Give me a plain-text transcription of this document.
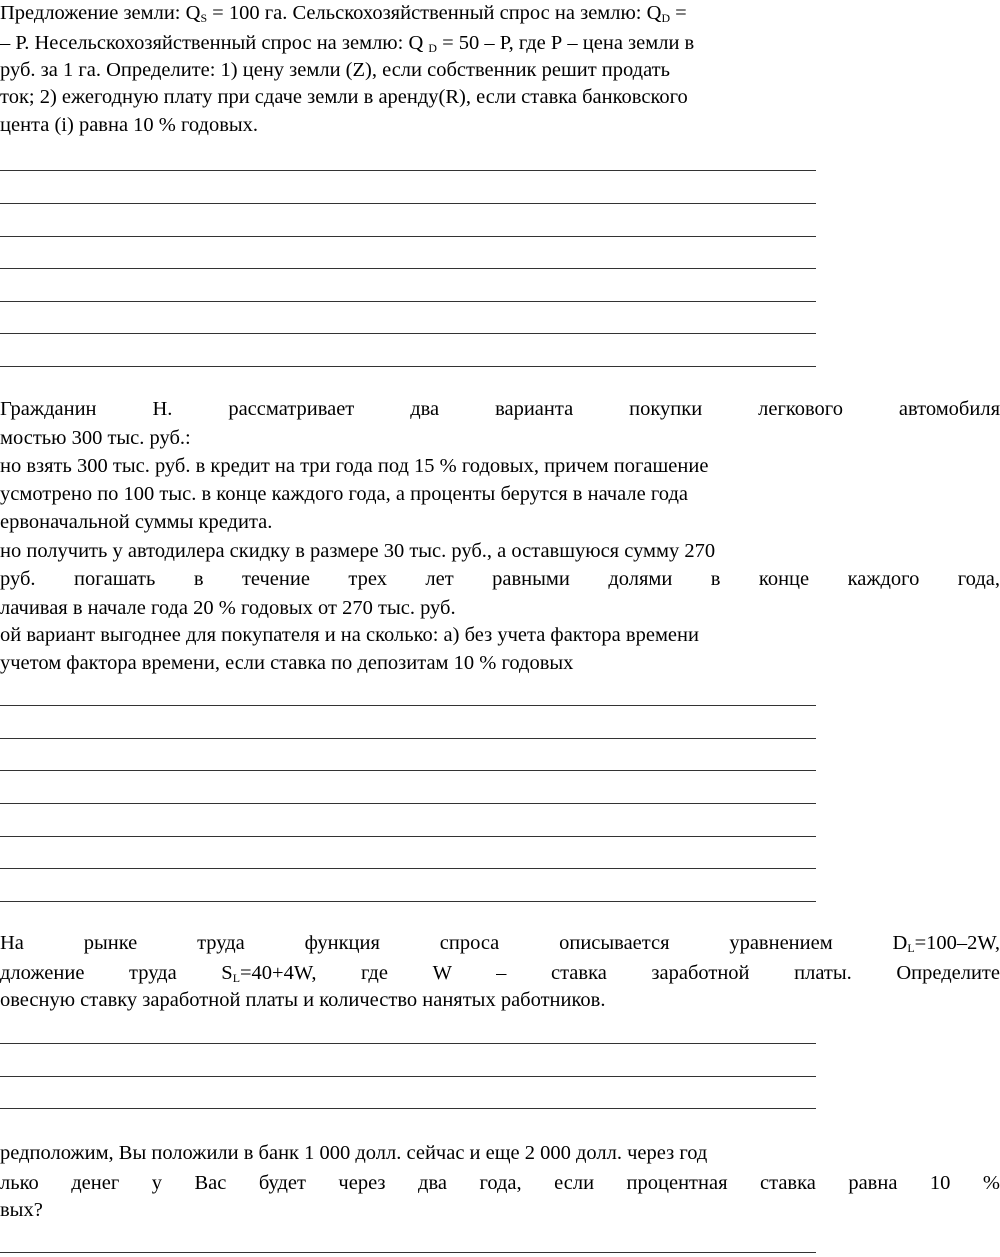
Предложение земли: $Q_S = 100$ га. Сельскохозяйственный спрос на землю: $Q_D$ =
– Р. Несельскохозяйственный спрос на землю: Q $_D$ = 50 – Р, где Р – цена земли в
руб. за 1 га. Определите: 1) цену земли (Z), если собственник решит продать
ток; 2) ежегодную плату при сдаче земли в аренду(R), если ставка банковского
цента (i) равна 10 % годовых.
Гражданин Н. рассматривает два варианта покупки легкового автомобиля
мостью 300 тыс. руб.:
но взять 300 тыс. руб. в кредит на три года под 15 % годовых, причем погашение
усмотрено по 100 тыс. в конце каждого года, а проценты берутся в начале года
ервоначальной суммы кредита.
но получить у автодилера скидку в размере 30 тыс. руб., а оставшуюся сумму 270
руб. погашать в течение трех лет равными долями в конце каждого года,
лачивая в начале года 20 % годовых от 270 тыс. руб.
ой вариант выгоднее для покупателя и на сколько: а) без учета фактора времени
учетом фактора времени, если ставка по депозитам 10 % годовых
На рынке труда функция спроса описывается уравнением $D_L=100-2W$,
дложение труда $S_L=40+4W$, где W – ставка заработной платы. Определите
овесную ставку заработной платы и количество нанятых работников.
редположим, Вы положили в банк 1 000 долл. сейчас и еще 2 000 долл. через год
лько денег у Вас будет через два года, если процентная ставка равна 10 %
вых?
